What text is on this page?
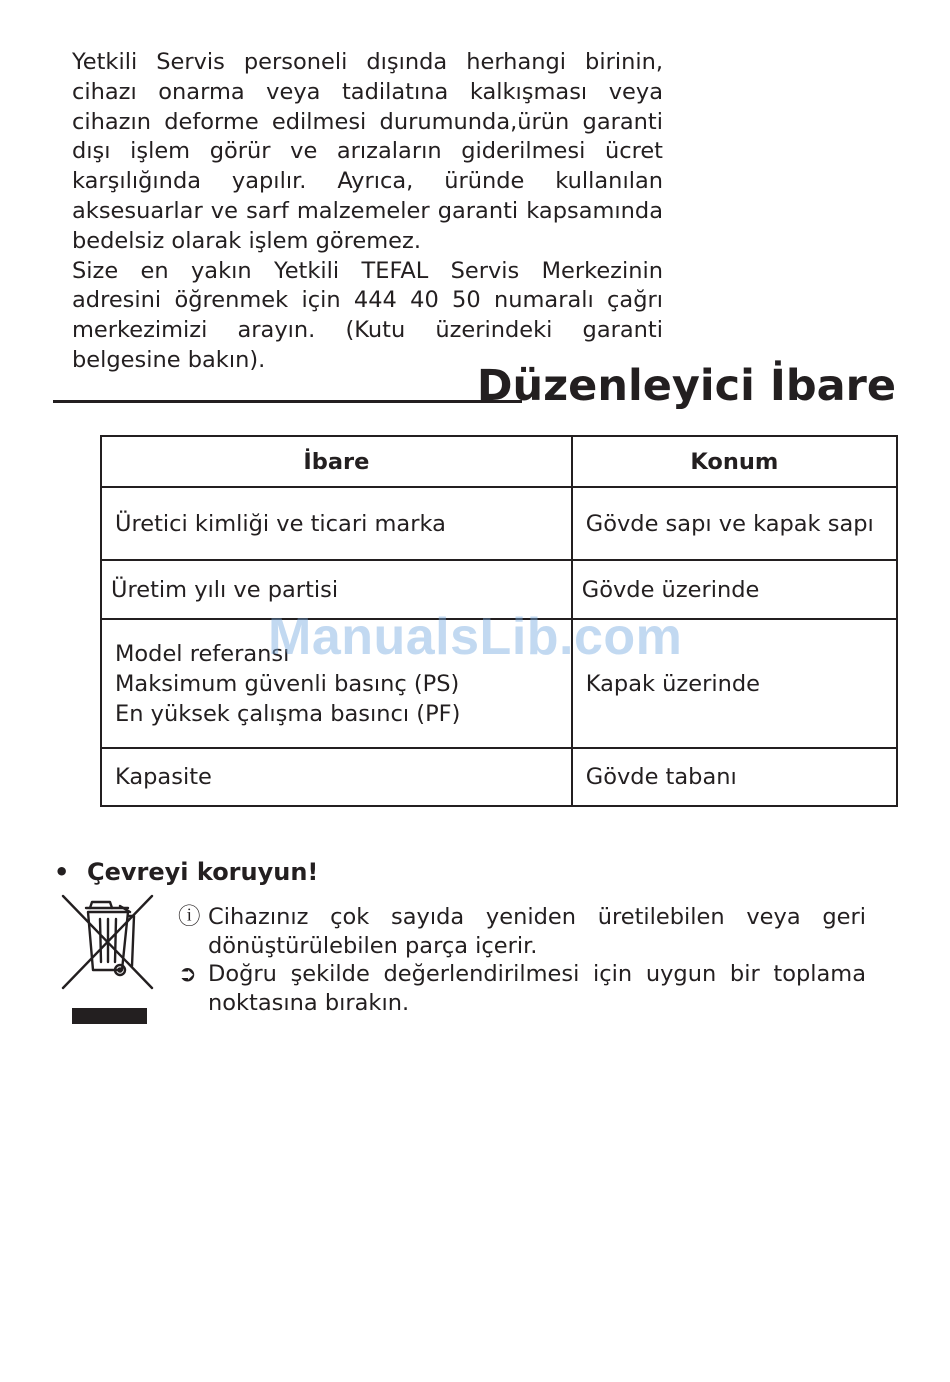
Yetkili Servis personeli dışında herhangi birinin, cihazı onarma veya tadilatına kalkışması veya cihazın deforme edilmesi durumunda,ürün garanti dışı işlem görür ve arızaların giderilmesi ücret karşılığında yapılır. Ayrıca, üründe kullanılan aksesuarlar ve sarf malzemeler garanti kapsamında bedelsiz olarak işlem göremez.

Size en yakın Yetkili TEFAL Servis Merkezinin adresini öğrenmek için 444 40 50 numaralı çağrı merkezimizi arayın. (Kutu üzerindeki garanti belgesine bakın).

Düzenleyici İbare
İbare	Konum
Üretici kimliği ve ticari marka	Gövde sapı ve kapak sapı
Üretim yılı ve partisi	Gövde üzerinde

Model referansı
Maksimum güvenli basınç (PS)
En yüksek çalışma basıncı (PF)	Kapak üzerinde
Kapasite	Gövde tabanı
ManualsLib.com
• Çevreyi koruyun!
ⓘ Cihazınız çok sayıda yeniden üretilebilen veya geri dönüştürülebilen parça içerir.
➲ Doğru şekilde değerlendirilmesi için uygun bir toplama noktasına bırakın.
